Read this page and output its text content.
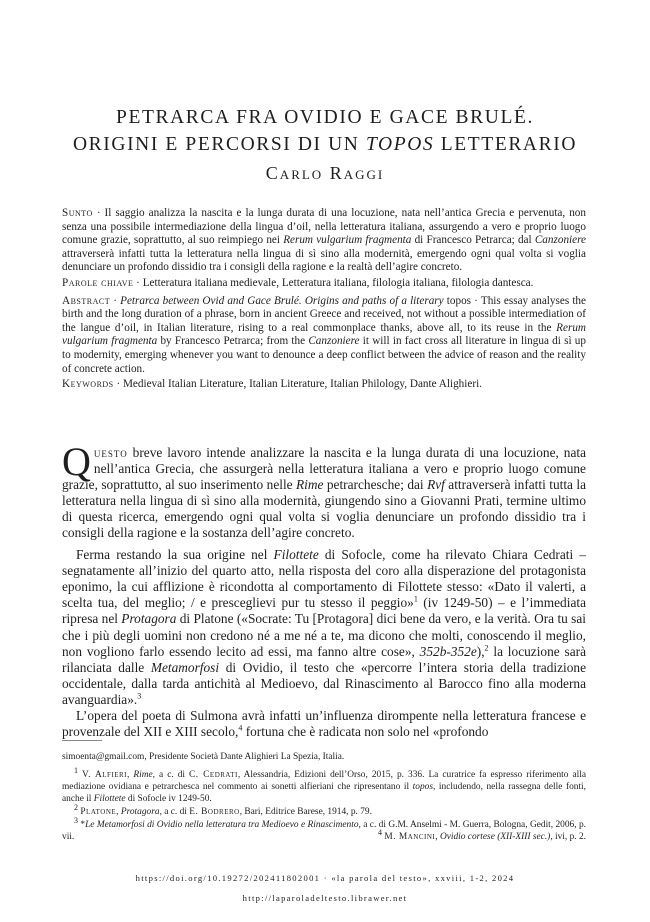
PETRARCA FRA OVIDIO E GACE BRULÉ.
ORIGINI E PERCORSI DI UN TOPOS LETTERARIO
Carlo Raggi

Sunto · Il saggio analizza la nascita e la lunga durata di una locuzione, nata nell’antica Grecia e pervenuta, non senza una possibile intermediazione della lingua d’oil, nella letteratura italiana, assurgendo a vero e proprio luogo comune grazie, soprattutto, al suo reimpiego nei Rerum vulgarium fragmenta di Francesco Petrarca; dal Canzoniere attraverserà infatti tutta la letteratura nella lingua di sì sino alla modernità, emergendo ogni qual volta si voglia denunciare un profondo dissidio tra i consigli della ragione e la realtà dell’agire concreto.

Parole chiave · Letteratura italiana medievale, Letteratura italiana, filologia italiana, filologia dantesca.

Abstract · Petrarca between Ovid and Gace Brulé. Origins and paths of a literary topos · This essay analyses the birth and the long duration of a phrase, born in ancient Greece and received, not without a possible intermediation of the langue d’oil, in Italian literature, rising to a real commonplace thanks, above all, to its reuse in the Rerum vulgarium fragmenta by Francesco Petrarca; from the Canzoniere it will in fact cross all literature in lingua di sì up to modernity, emerging whenever you want to denounce a deep conflict between the advice of reason and the reality of concrete action.

Keywords · Medieval Italian Literature, Italian Literature, Italian Philology, Dante Alighieri.

Questo breve lavoro intende analizzare la nascita e la lunga durata di una locuzione, nata nell’antica Grecia, che assurgerà nella letteratura italiana a vero e proprio luogo comune grazie, soprattutto, al suo inserimento nelle Rime petrarchesche; dai Rvf attraverserà infatti tutta la letteratura nella lingua di sì sino alla modernità, giungendo sino a Giovanni Prati, termine ultimo di questa ricerca, emergendo ogni qual volta si voglia denunciare un profondo dissidio tra i consigli della ragione e la sostanza dell’agire concreto.

Ferma restando la sua origine nel Filottete di Sofocle, come ha rilevato Chiara Cedrati – segnatamente all’inizio del quarto atto, nella risposta del coro alla disperazione del protagonista eponimo, la cui afflizione è ricondotta al comportamento di Filottete stesso: «Dato il valerti, a scelta tua, del meglio; / e presceglievi pur tu stesso il peggio»$^1$ (iv 1249-50) – e l’immediata ripresa nel Protagora di Platone («Socrate: Tu [Protagora] dici bene da vero, e la verità. Ora tu sai che i più degli uomini non credono né a me né a te, ma dicono che molti, conoscendo il meglio, non vogliono farlo essendo lecito ad essi, ma fanno altre cose», 352b-352e),$^2$ la locuzione sarà rilanciata dalle Metamorfosi di Ovidio, il testo che «percorre l’intera storia della tradizione occidentale, dalla tarda antichità al Medioevo, dal Rinascimento al Barocco fino alla moderna avanguardia».$^3$

L’opera del poeta di Sulmona avrà infatti un’influenza dirompente nella letteratura francese e provenzale del XII e XIII secolo,$^4$ fortuna che è radicata non solo nel «profondo

simoenta@gmail.com, Presidente Società Dante Alighieri La Spezia, Italia.

$^1$ V. Alfieri, Rime, a c. di C. Cedrati, Alessandria, Edizioni dell’Orso, 2015, p. 336. La curatrice fa espresso riferimento alla mediazione ovidiana e petrarchesca nel commento ai sonetti alfieriani che ripresentano il topos, includendo, nella rassegna delle fonti, anche il Filottete di Sofocle iv 1249-50.

$^2$ Platone, Protagora, a c. di E. Bodrero, Bari, Editrice Barese, 1914, p. 79.

$^3$ *Le Metamorfosi di Ovidio nella letteratura tra Medioevo e Rinascimento, a c. di G.M. Anselmi - M. Guerra, Bologna, Gedit, 2006, p. vii.	$^4$ M. Mancini, Ovidio cortese (XII-XIII sec.), ivi, p. 2.

https://doi.org/10.19272/202411802001 · «la parola del testo», xxviii, 1-2, 2024
http://laparoladeltesto.librawer.net
